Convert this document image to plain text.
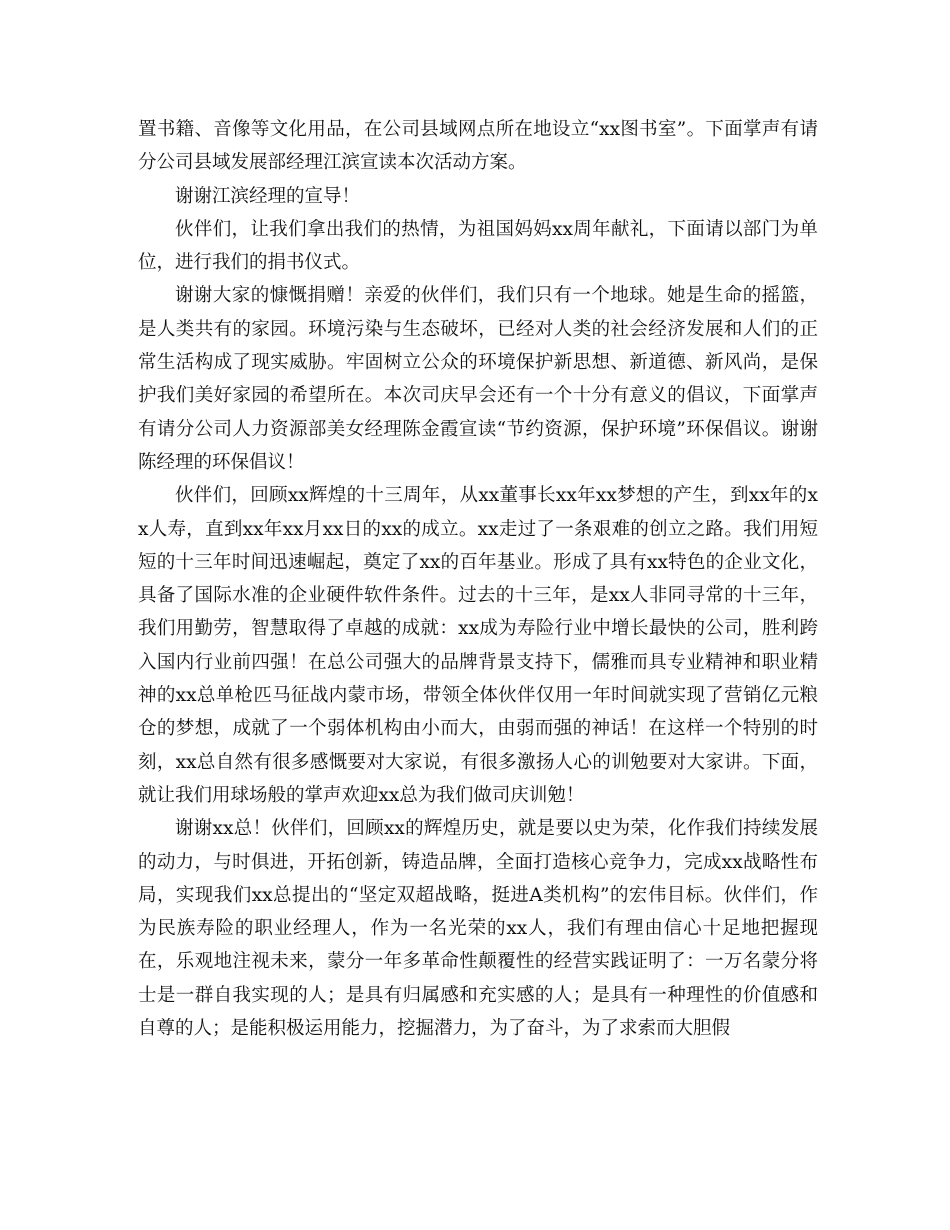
置书籍、音像等文化用品，在公司县域网点所在地设立“xx图书室”。下面掌声有请分公司县域发展部经理江滨宣读本次活动方案。

谢谢江滨经理的宣导！

伙伴们，让我们拿出我们的热情，为祖国妈妈xx周年献礼，下面请以部门为单位，进行我们的捐书仪式。

谢谢大家的慷慨捐赠！亲爱的伙伴们，我们只有一个地球。她是生命的摇篮，是人类共有的家园。环境污染与生态破坏，已经对人类的社会经济发展和人们的正常生活构成了现实威胁。牢固树立公众的环境保护新思想、新道德、新风尚，是保护我们美好家园的希望所在。本次司庆早会还有一个十分有意义的倡议，下面掌声有请分公司人力资源部美女经理陈金霞宣读“节约资源，保护环境”环保倡议。谢谢陈经理的环保倡议！

伙伴们，回顾xx辉煌的十三周年，从xx董事长xx年xx梦想的产生，到xx年的xx人寿，直到xx年xx月xx日的xx的成立。xx走过了一条艰难的创立之路。我们用短短的十三年时间迅速崛起，奠定了xx的百年基业。形成了具有xx特色的企业文化，具备了国际水准的企业硬件软件条件。过去的十三年，是xx人非同寻常的十三年，我们用勤劳，智慧取得了卓越的成就：xx成为寿险行业中增长最快的公司，胜利跨入国内行业前四强！在总公司强大的品牌背景支持下，儒雅而具专业精神和职业精神的xx总单枪匹马征战内蒙市场，带领全体伙伴仅用一年时间就实现了营销亿元粮仓的梦想，成就了一个弱体机构由小而大，由弱而强的神话！在这样一个特别的时刻，xx总自然有很多感慨要对大家说，有很多激扬人心的训勉要对大家讲。下面，就让我们用球场般的掌声欢迎xx总为我们做司庆训勉！

谢谢xx总！伙伴们，回顾xx的辉煌历史，就是要以史为荣，化作我们持续发展的动力，与时俱进，开拓创新，铸造品牌，全面打造核心竞争力，完成xx战略性布局，实现我们xx总提出的“坚定双超战略，挺进A类机构”的宏伟目标。伙伴们，作为民族寿险的职业经理人，作为一名光荣的xx人，我们有理由信心十足地把握现在，乐观地注视未来，蒙分一年多革命性颠覆性的经营实践证明了：一万名蒙分将士是一群自我实现的人；是具有归属感和充实感的人；是具有一种理性的价值感和自尊的人；是能积极运用能力，挖掘潜力，为了奋斗，为了求索而大胆假
